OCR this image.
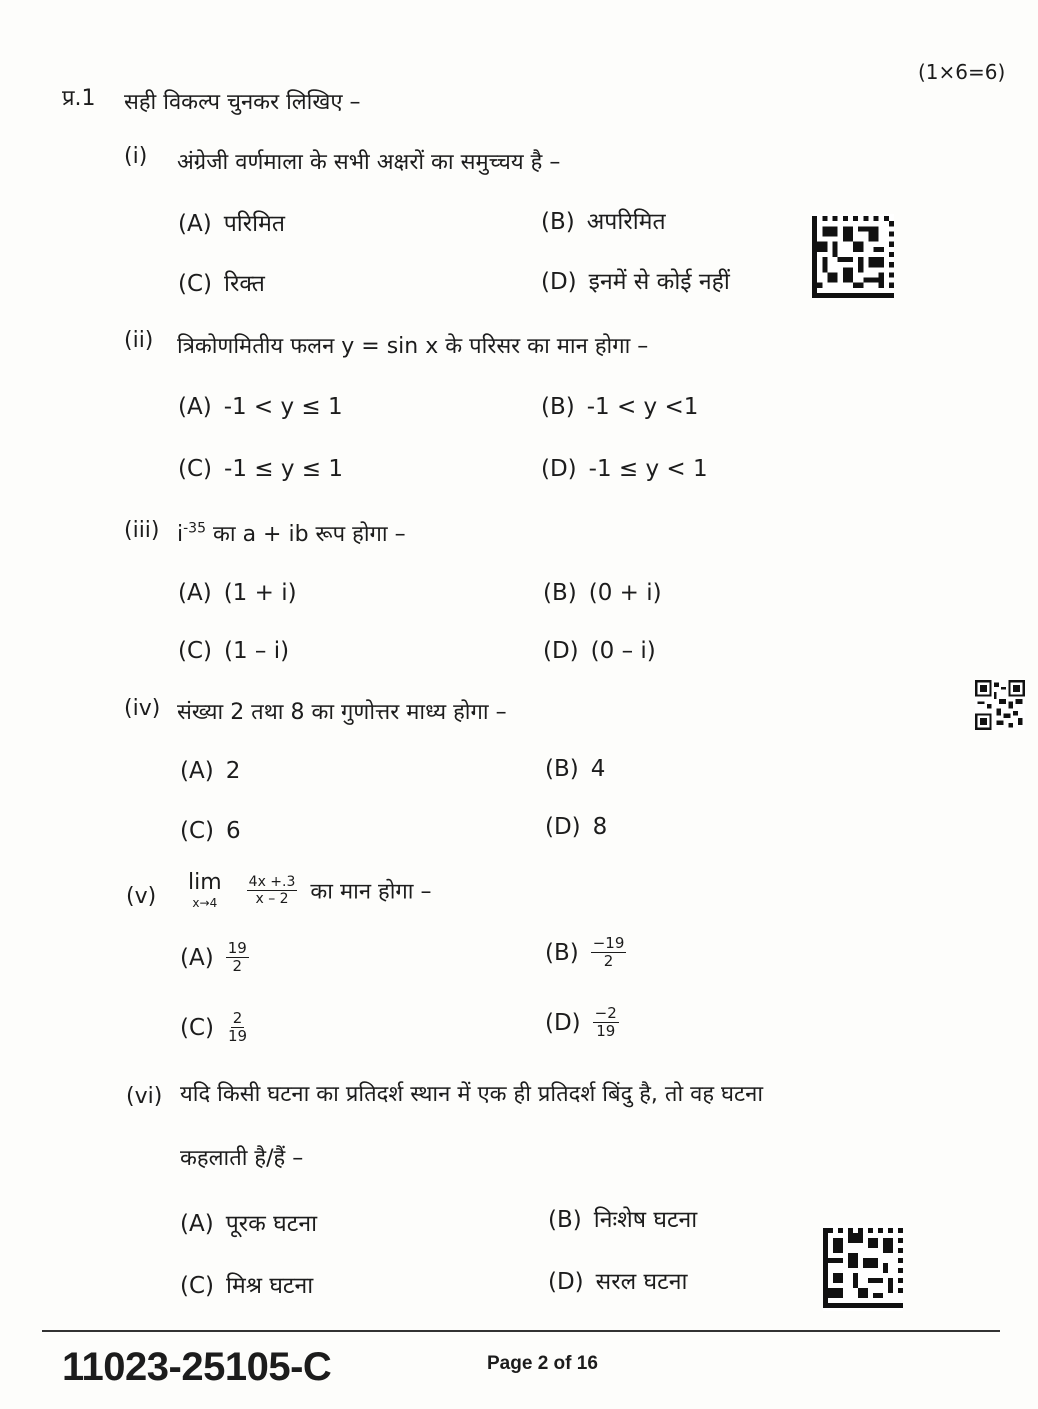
प्र.1 सही विकल्प चुनकर लिखिए –
(1×6=6)
(i) अंग्रेजी वर्णमाला के सभी अक्षरों का समुच्चय है –
(A) परिमित	(B) अपरिमित
(C) रिक्त	(D) इनमें से कोई नहीं
(ii) त्रिकोणमितीय फलन y = sin x के परिसर का मान होगा –
(A) -1 < y ≤ 1	(B) -1 < y <1
(C) -1 ≤ y ≤ 1	(D) -1 ≤ y < 1
(iii) $i^{-35}$ का a + ib रूप होगा –
(A) (1 + i)	(B) (0 + i)
(C) (1 – i)	(D) (0 – i)
(iv) संख्या 2 तथा 8 का गुणोत्तर माध्य होगा –
(A) 2	(B) 4
(C) 6	(D) 8
(v)
lim
x→4
$\frac{4x +.3}{x - 2}$ का मान होगा –
$(A) \frac{19}{2}$	$(B) \frac{-19}{2}$
$(C) \frac{2}{19}$	$(D) \frac{-2}{19}$
(vi) यदि किसी घटना का प्रतिदर्श स्थान में एक ही प्रतिदर्श बिंदु है, तो वह घटना
कहलाती है/हैं –
(A) पूरक घटना	(B) निःशेष घटना
(C) मिश्र घटना	(D) सरल घटना
11023-25105-C	Page 2 of 16
